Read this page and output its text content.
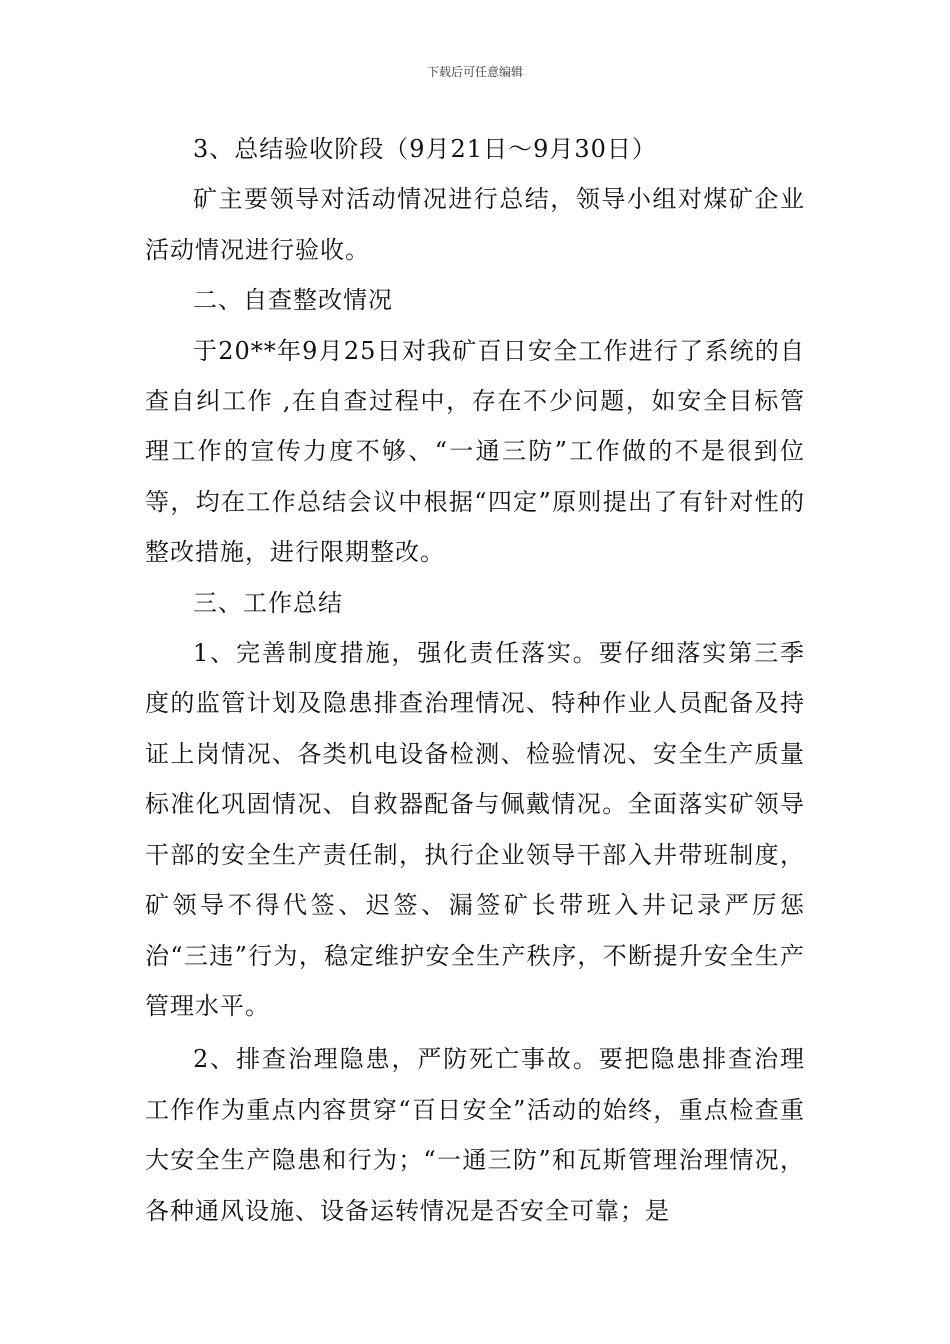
下载后可任意编辑

3、总结验收阶段（9月21日～9月30日）

矿主要领导对活动情况进行总结，领导小组对煤矿企业活动情况进行验收。

二、自查整改情况

于20**年9月25日对我矿百日安全工作进行了系统的自查自纠工作 ,在自查过程中，存在不少问题，如安全目标管理工作的宣传力度不够、“一通三防”工作做的不是很到位等，均在工作总结会议中根据“四定”原则提出了有针对性的整改措施，进行限期整改。

三、工作总结

1、完善制度措施，强化责任落实。要仔细落实第三季度的监管计划及隐患排查治理情况、特种作业人员配备及持证上岗情况、各类机电设备检测、检验情况、安全生产质量标准化巩固情况、自救器配备与佩戴情况。全面落实矿领导干部的安全生产责任制，执行企业领导干部入井带班制度，矿领导不得代签、迟签、漏签矿长带班入井记录严厉惩治“三违”行为，稳定维护安全生产秩序，不断提升安全生产管理水平。

2、排查治理隐患，严防死亡事故。要把隐患排查治理工作作为重点内容贯穿“百日安全”活动的始终，重点检查重大安全生产隐患和行为；“一通三防”和瓦斯管理治理情况，各种通风设施、设备运转情况是否安全可靠；是
